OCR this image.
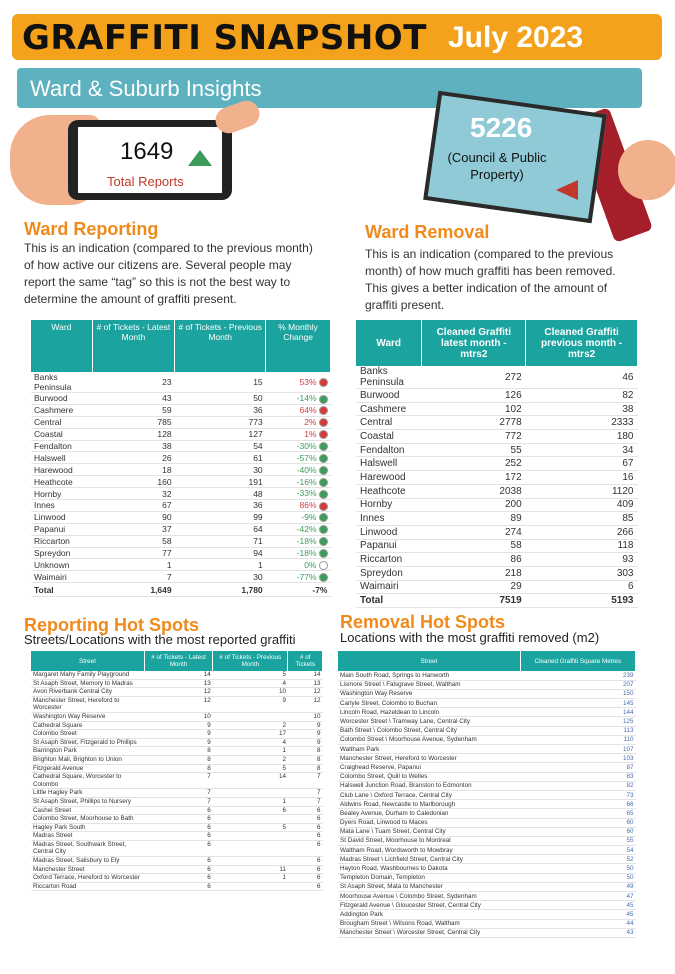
GRAFFITI SNAPSHOT July 2023
Ward & Suburb Insights
1649
Total Reports
5226
(Council & Public Property)
Ward Reporting
This is an indication (compared to the previous month) of how active our citizens are. Several people may report the same “tag” so this is not the best way to determine the amount of graffiti present.
Ward Removal
This is an indication (compared to the previous month) of how much graffiti has been removed. This gives a better indication of the amount of graffiti present.
Ward	# of Tickets - Latest Month	# of Tickets - Previous Month	% Monthly Change
Banks Peninsula	23	15	53%
Burwood	43	50	-14%
Cashmere	59	36	64%
Central	785	773	2%
Coastal	128	127	1%
Fendalton	38	54	-30%
Halswell	26	61	-57%
Harewood	18	30	-40%
Heathcote	160	191	-16%
Hornby	32	48	-33%
Innes	67	36	86%
Linwood	90	99	-9%
Papanui	37	64	-42%
Riccarton	58	71	-18%
Spreydon	77	94	-18%
Unknown	1	1	0%
Waimairi	7	30	-77%
Total	1,649	1,780	-7%
Ward	Cleaned Graffiti latest month - mtrs2	Cleaned Graffiti previous month - mtrs2
Banks Peninsula	272	46
Burwood	126	82
Cashmere	102	38
Central	2778	2333
Coastal	772	180
Fendalton	55	34
Halswell	252	67
Harewood	172	16
Heathcote	2038	1120
Hornby	200	409
Innes	89	85
Linwood	274	266
Papanui	58	118
Riccarton	86	93
Spreydon	218	303
Waimairi	29	6
Total	7519	5193
Reporting Hot Spots
Streets/Locations with the most reported graffiti
Removal Hot Spots
Locations with the most graffiti removed (m2)
Street	# of Tickets - Latest Month	# of Tickets - Previous Month	# of Tickets
Margaret Mahy Family Playground	14	5	14
St Asaph Street, Memory to Madras	13	4	13
Avon Riverbank Central City	12	10	12
Manchester Street, Hereford to Worcester	12	9	12
Washington Way Reserve	10		10
Cathedral Square	9	2	9
Colombo Street	9	17	9
St Asaph Street, Fitzgerald to Phillips	9	4	9
Barrington Park	8	1	8
Brighton Mall, Brighton to Union	8	2	8
Fitzgerald Avenue	8	5	8
Cathedral Square, Worcester to Colombo	7	14	7
Little Hagley Park	7		7
St Asaph Street, Phillips to Nursery	7	1	7
Cashel Street	6	6	6
Colombo Street, Moorhouse to Bath	6		6
Hagley Park South	6	5	6
Madras Street	6		6
Madras Street, Southwark Street, Central City	6		6
Madras Street, Salisbury to Ely	6		6
Manchester Street	6	11	6
Oxford Terrace, Hereford to Worcester	6	1	6
Riccarton Road	6		6
Street	Cleaned Graffiti Square Metres
Main South Road, Springs to Hanworth	239
Lismore Street \ Falsgrave Street, Waltham	207
Washington Way Reserve	150
Carlyle Street, Colombo to Buchan	145
Lincoln Road, Hazeldean to Lincoln	144
Worcester Street \ Tramway Lane, Central City	125
Bath Street \ Colombo Street, Central City	113
Colombo Street \ Moorhouse Avenue, Sydenham	110
Waltham Park	107
Manchester Street, Hereford to Worcester	103
Craighead Reserve, Papanui	87
Colombo Street, Quill to Welles	83
Halswell Junction Road, Branston to Edmonton	82
Club Lane \ Oxford Terrace, Central City	73
Aldwins Road, Newcastle to Marlborough	66
Bealey Avenue, Durham to Caledonian	65
Dyers Road, Linwood to Maces	60
Mata Lane \ Tuam Street, Central City	60
St David Street, Moorhouse to Montreal	55
Waltham Road, Wordsworth to Mowbray	54
Madras Street \ Lichfield Street, Central City	52
Hayton Road, Washbournes to Dakota	50
Templeton Domain, Templeton	50
St Asaph Street, Mata to Manchester	49
Moorhouse Avenue \ Colombo Street, Sydenham	47
Fitzgerald Avenue \ Gloucester Street, Central City	45
Addington Park	45
Brougham Street \ Wilsons Road, Waltham	44
Manchester Street \ Worcester Street, Central City	43
